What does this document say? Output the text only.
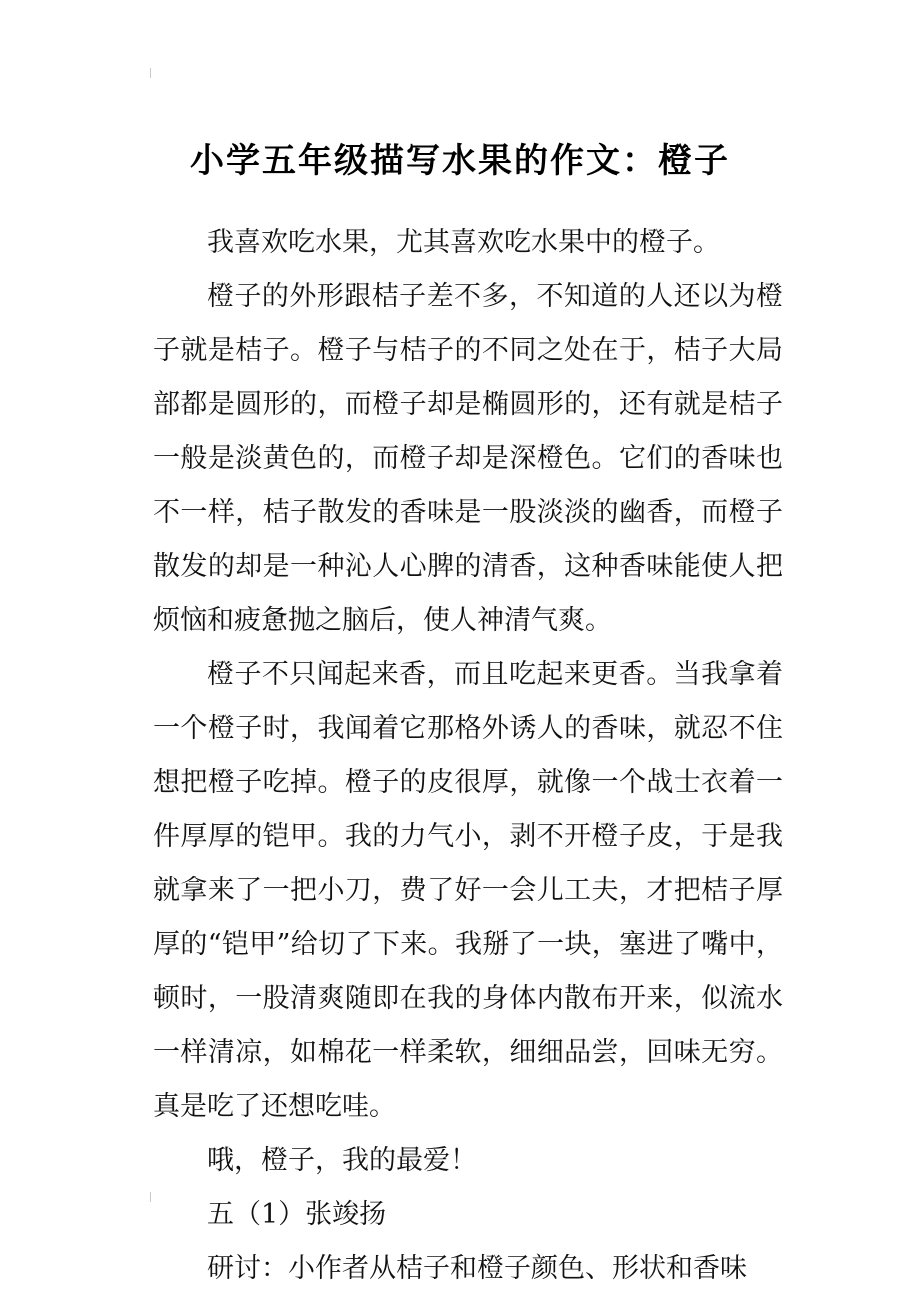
小学五年级描写水果的作文：橙子

我喜欢吃水果，尤其喜欢吃水果中的橙子。

橙子的外形跟桔子差不多，不知道的人还以为橙子就是桔子。橙子与桔子的不同之处在于，桔子大局部都是圆形的，而橙子却是椭圆形的，还有就是桔子一般是淡黄色的，而橙子却是深橙色。它们的香味也不一样，桔子散发的香味是一股淡淡的幽香，而橙子散发的却是一种沁人心脾的清香，这种香味能使人把烦恼和疲惫抛之脑后，使人神清气爽。

橙子不只闻起来香，而且吃起来更香。当我拿着一个橙子时，我闻着它那格外诱人的香味，就忍不住想把橙子吃掉。橙子的皮很厚，就像一个战士衣着一件厚厚的铠甲。我的力气小，剥不开橙子皮，于是我就拿来了一把小刀，费了好一会儿工夫，才把桔子厚厚的“铠甲”给切了下来。我掰了一块，塞进了嘴中，顿时，一股清爽随即在我的身体内散布开来，似流水一样清凉，如棉花一样柔软，细细品尝，回味无穷。真是吃了还想吃哇。

哦，橙子，我的最爱！

五（1）张竣扬

研讨：小作者从桔子和橙子颜色、形状和香味
